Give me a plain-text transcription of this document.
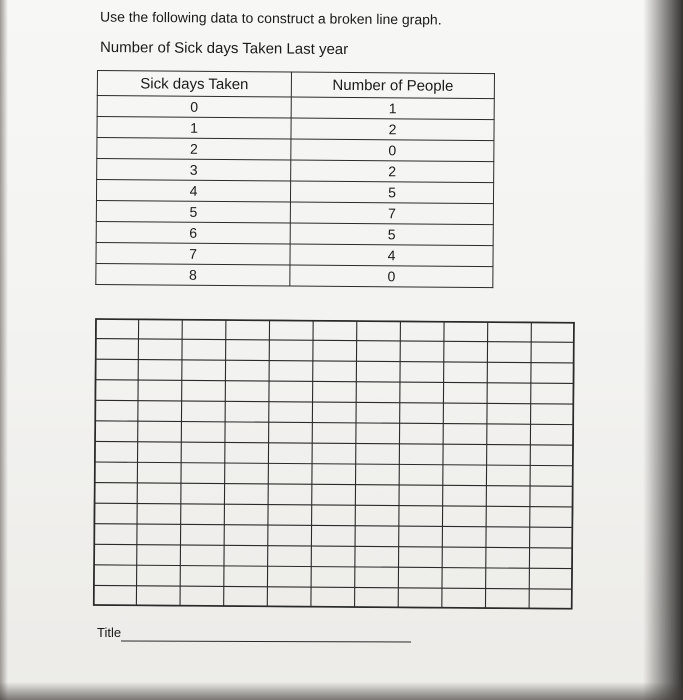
Use the following data to construct a broken line graph.
Number of Sick days Taken Last year
Sick days Taken	Number of People
0	1
1	2
2	0
3	2
4	5
5	7
6	5
7	4
8	0
Title
